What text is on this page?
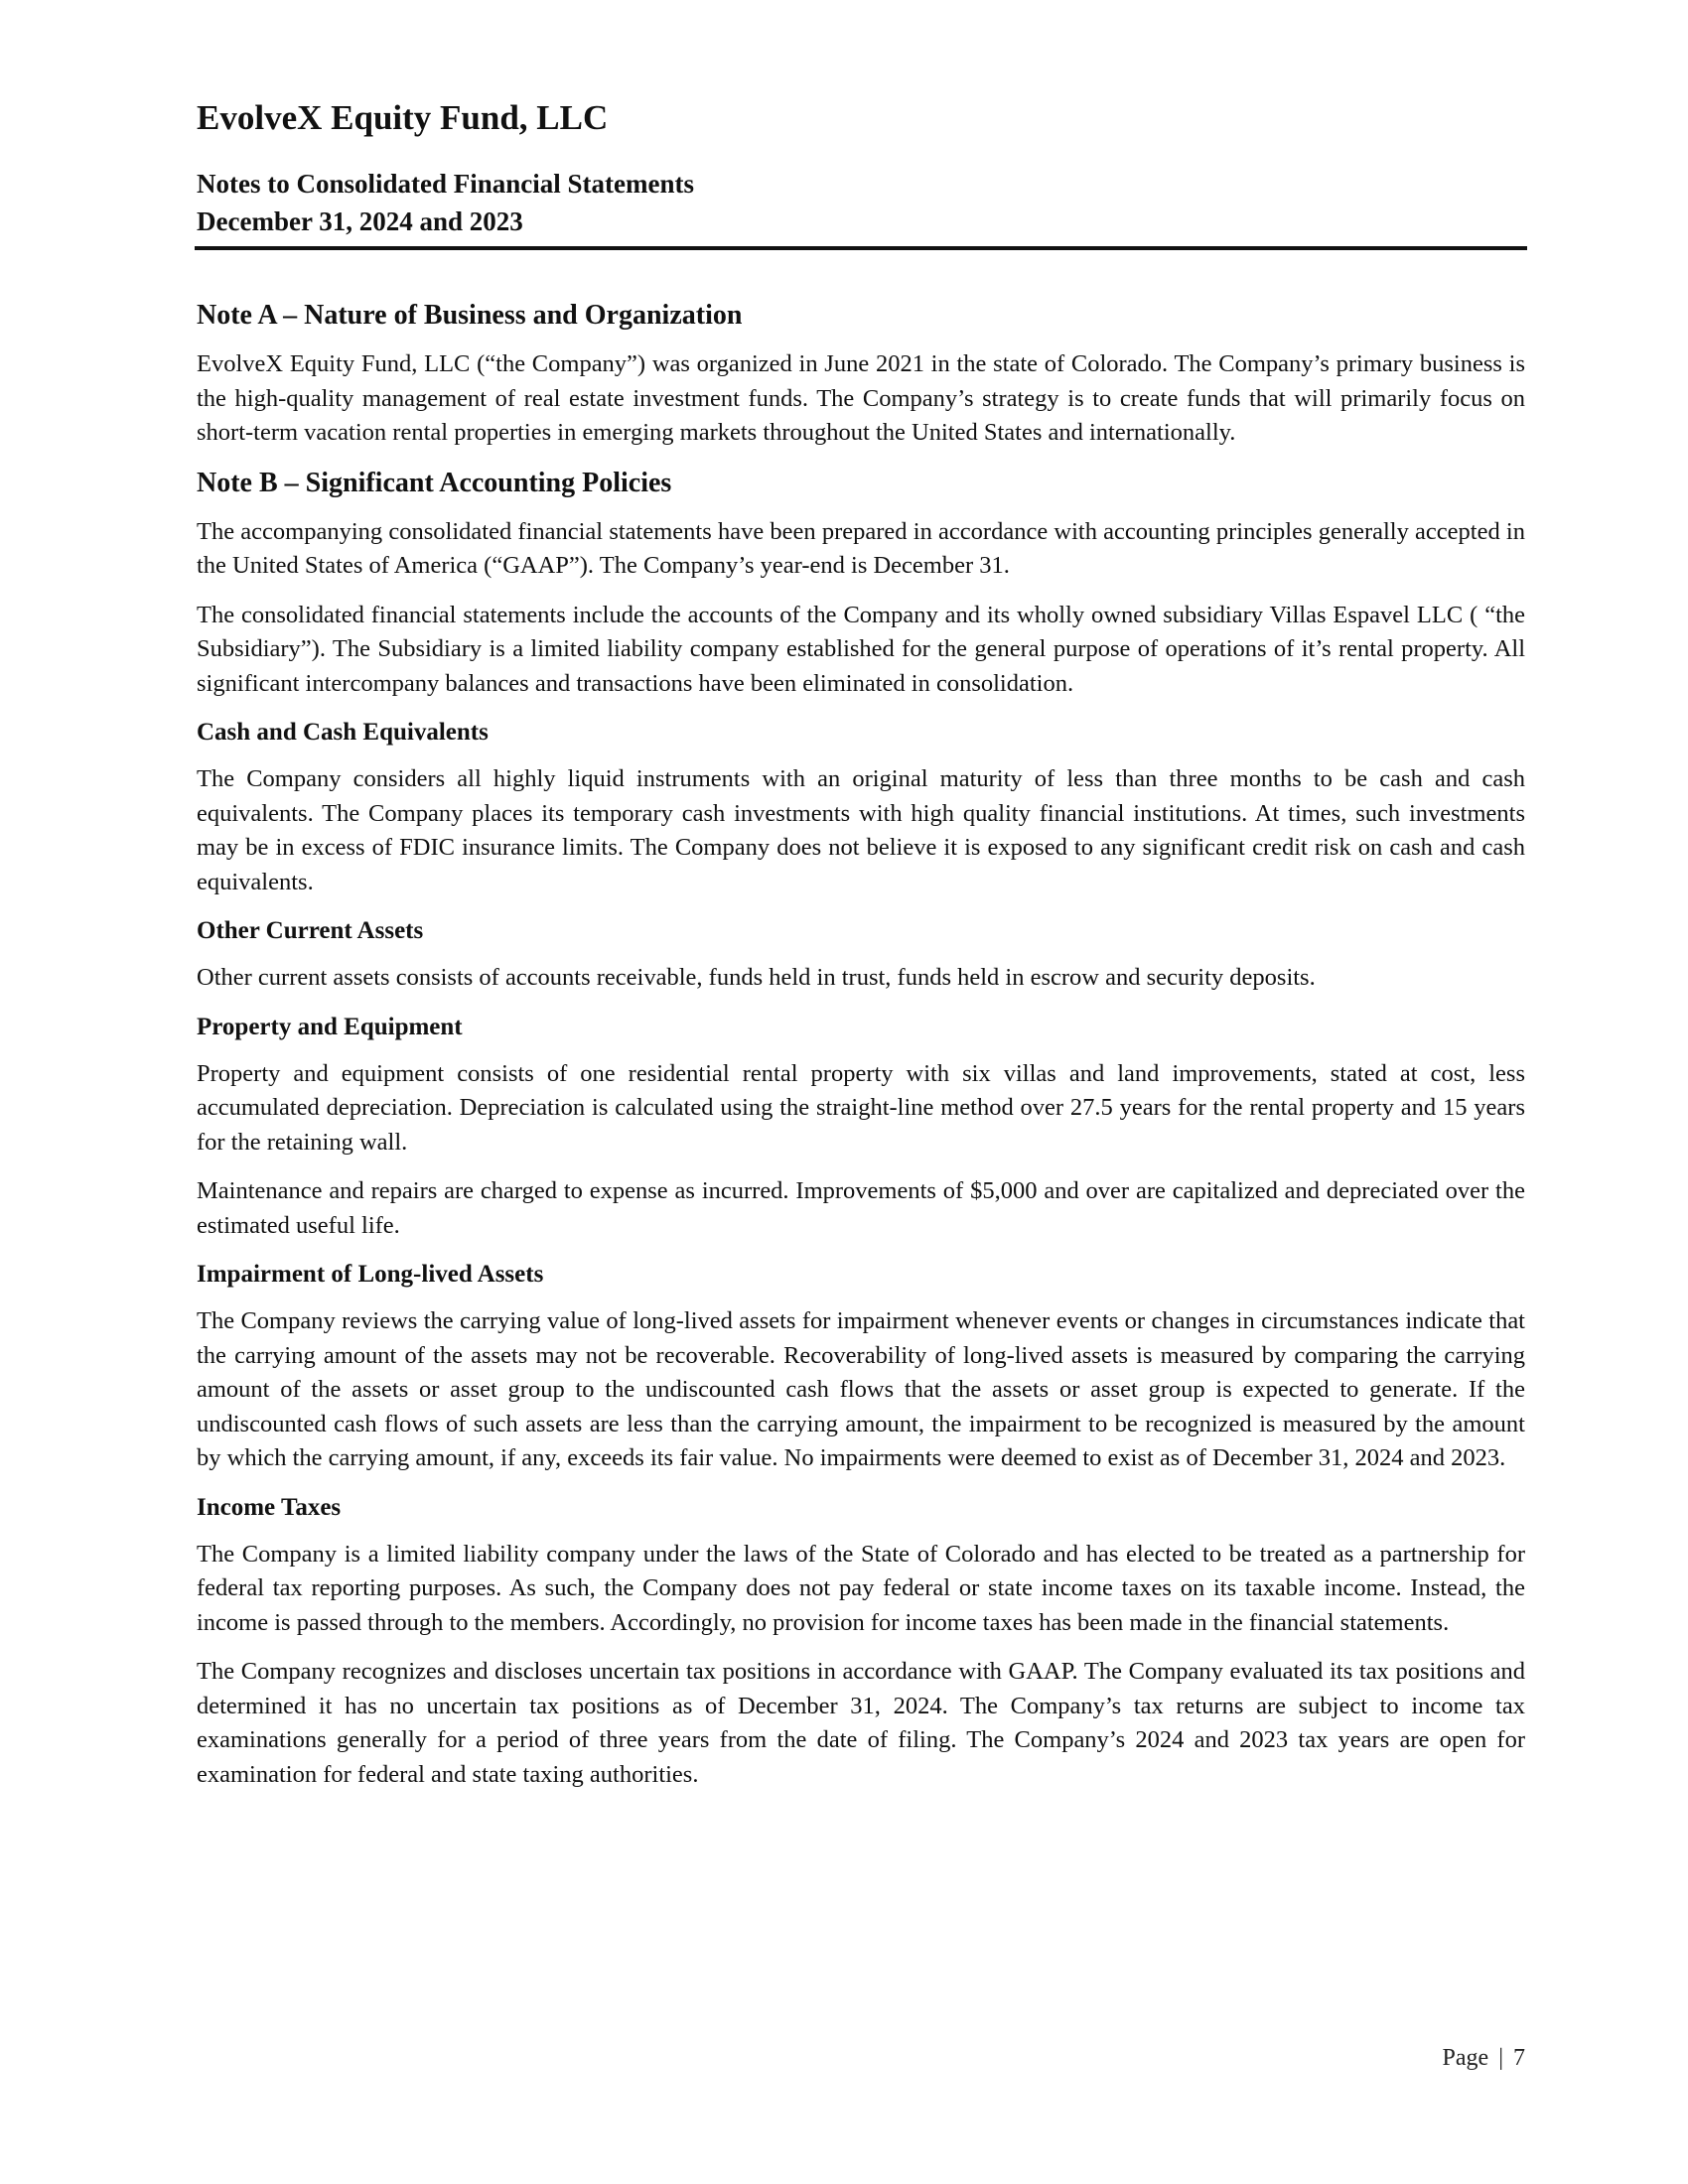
EvolveX Equity Fund, LLC
Notes to Consolidated Financial Statements
December 31, 2024 and 2023
Note A – Nature of Business and Organization

EvolveX Equity Fund, LLC (“the Company”) was organized in June 2021 in the state of Colorado. The Company’s primary business is the high-quality management of real estate investment funds. The Company’s strategy is to create funds that will primarily focus on short-term vacation rental properties in emerging markets throughout the United States and internationally.

Note B – Significant Accounting Policies

The accompanying consolidated financial statements have been prepared in accordance with accounting principles generally accepted in the United States of America (“GAAP”). The Company’s year-end is December 31.

The consolidated financial statements include the accounts of the Company and its wholly owned subsidiary Villas Espavel LLC ( “the Subsidiary”). The Subsidiary is a limited liability company established for the general purpose of operations of it’s rental property. All significant intercompany balances and transactions have been eliminated in consolidation.

Cash and Cash Equivalents

The Company considers all highly liquid instruments with an original maturity of less than three months to be cash and cash equivalents. The Company places its temporary cash investments with high quality financial institutions. At times, such investments may be in excess of FDIC insurance limits. The Company does not believe it is exposed to any significant credit risk on cash and cash equivalents.

Other Current Assets

Other current assets consists of accounts receivable, funds held in trust, funds held in escrow and security deposits.

Property and Equipment

Property and equipment consists of one residential rental property with six villas and land improvements, stated at cost, less accumulated depreciation. Depreciation is calculated using the straight-line method over 27.5 years for the rental property and 15 years for the retaining wall.

Maintenance and repairs are charged to expense as incurred. Improvements of $5,000 and over are capitalized and depreciated over the estimated useful life.

Impairment of Long-lived Assets

The Company reviews the carrying value of long-lived assets for impairment whenever events or changes in circumstances indicate that the carrying amount of the assets may not be recoverable. Recoverability of long-lived assets is measured by comparing the carrying amount of the assets or asset group to the undiscounted cash flows that the assets or asset group is expected to generate. If the undiscounted cash flows of such assets are less than the carrying amount, the impairment to be recognized is measured by the amount by which the carrying amount, if any, exceeds its fair value. No impairments were deemed to exist as of December 31, 2024 and 2023.

Income Taxes

The Company is a limited liability company under the laws of the State of Colorado and has elected to be treated as a partnership for federal tax reporting purposes. As such, the Company does not pay federal or state income taxes on its taxable income. Instead, the income is passed through to the members. Accordingly, no provision for income taxes has been made in the financial statements.

The Company recognizes and discloses uncertain tax positions in accordance with GAAP. The Company evaluated its tax positions and determined it has no uncertain tax positions as of December 31, 2024. The Company’s tax returns are subject to income tax examinations generally for a period of three years from the date of filing. The Company’s 2024 and 2023 tax years are open for examination for federal and state taxing authorities.

Page | 7
